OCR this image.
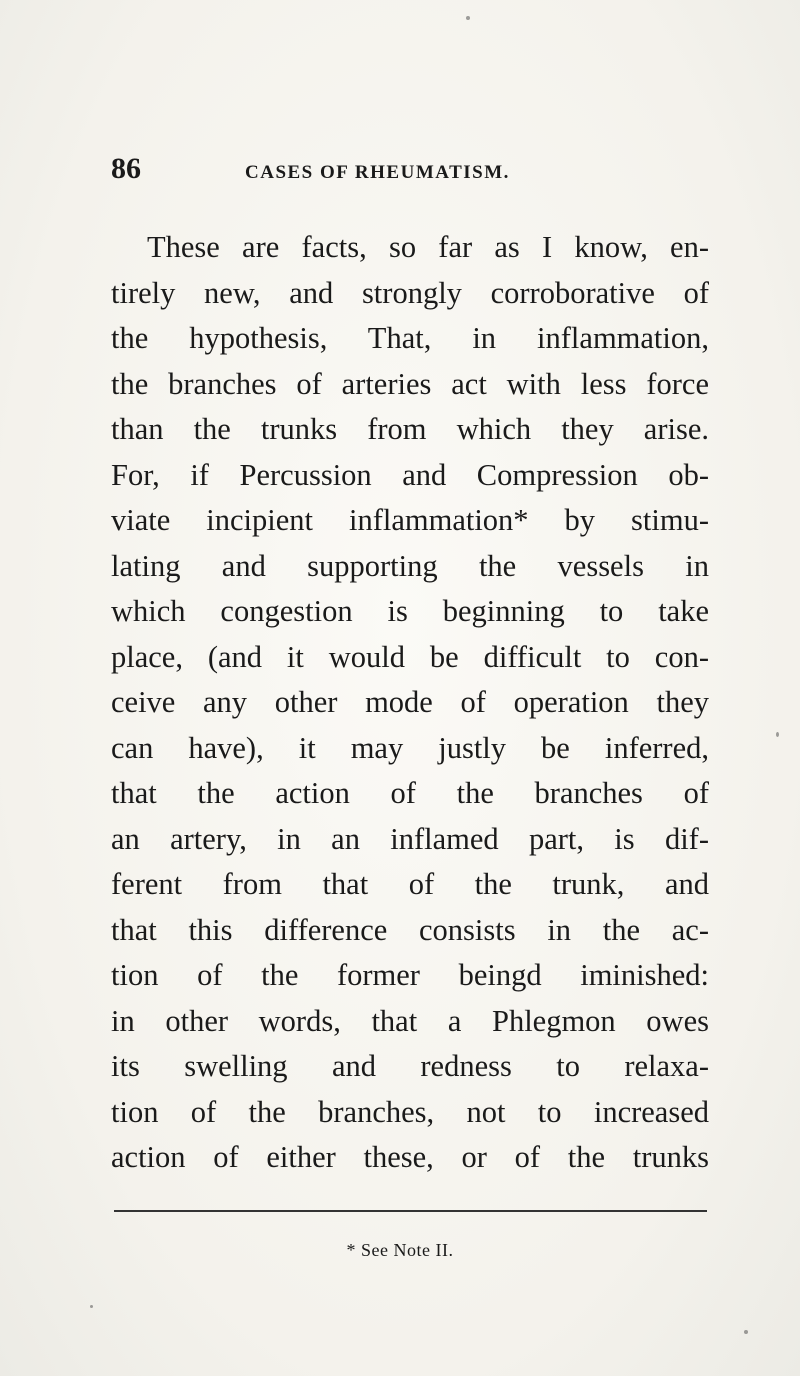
86	CASES OF RHEUMATISM.
These are facts, so far as I know, en-
tirely new, and strongly corroborative of
the hypothesis, That, in inflammation,
the branches of arteries act with less force
than the trunks from which they arise.
For, if Percussion and Compression ob-
viate incipient inflammation* by stimu-
lating and supporting the vessels in
which congestion is beginning to take
place, (and it would be difficult to con-
ceive any other mode of operation they
can have), it may justly be inferred,
that the action of the branches of
an artery, in an inflamed part, is dif-
ferent from that of the trunk, and
that this difference consists in the ac-
tion of the former beingd iminished:
in other words, that a Phlegmon owes
its swelling and redness to relaxa-
tion of the branches, not to increased
action of either these, or of the trunks
* See Note II.
